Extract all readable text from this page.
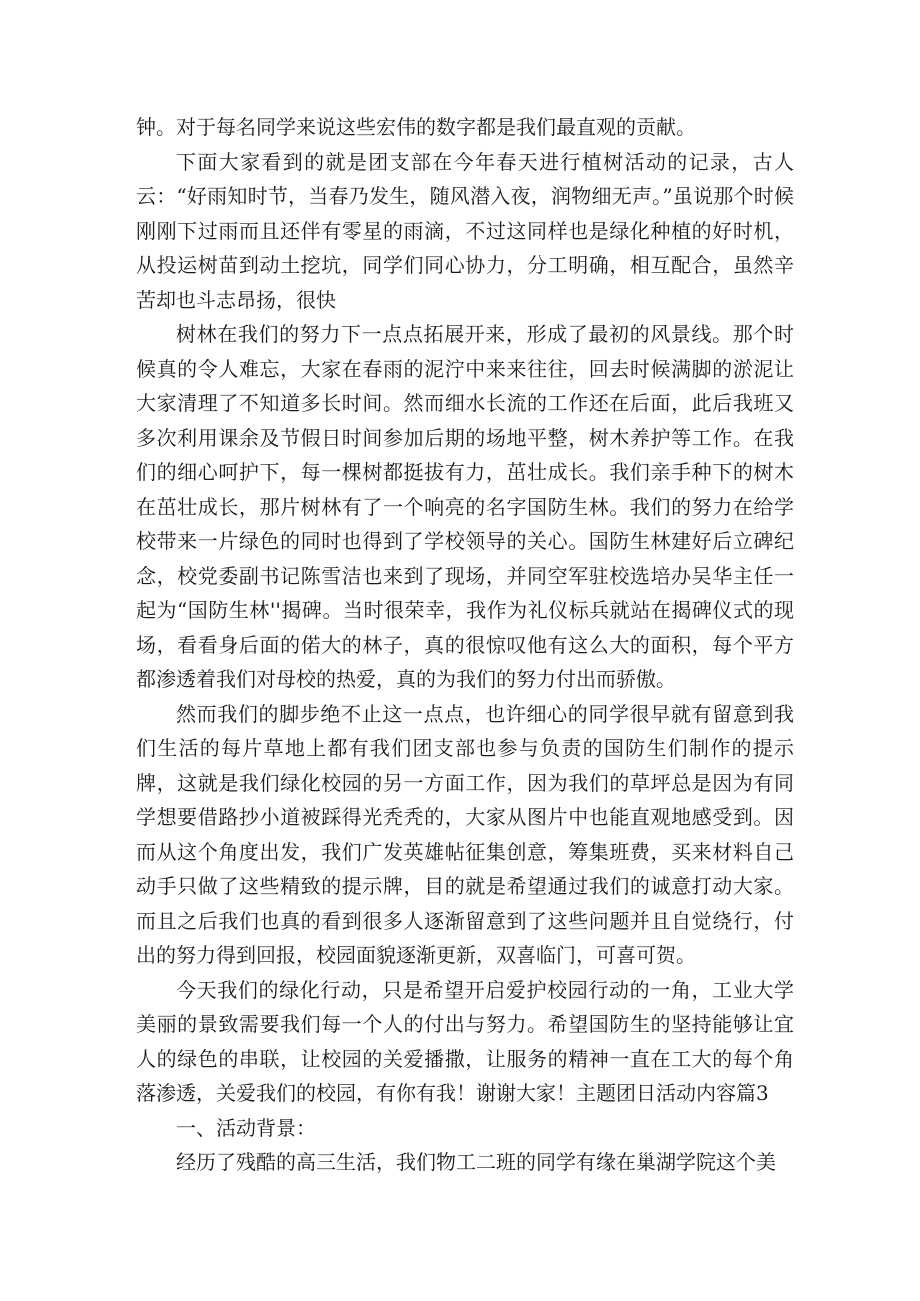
钟。对于每名同学来说这些宏伟的数字都是我们最直观的贡献。

下面大家看到的就是团支部在今年春天进行植树活动的记录，古人云：“好雨知时节，当春乃发生，随风潜入夜，润物细无声。”虽说那个时候刚刚下过雨而且还伴有零星的雨滴，不过这同样也是绿化种植的好时机，从投运树苗到动土挖坑，同学们同心协力，分工明确，相互配合，虽然辛苦却也斗志昂扬，很快

树林在我们的努力下一点点拓展开来，形成了最初的风景线。那个时候真的令人难忘，大家在春雨的泥泞中来来往往，回去时候满脚的淤泥让大家清理了不知道多长时间。然而细水长流的工作还在后面，此后我班又多次利用课余及节假日时间参加后期的场地平整，树木养护等工作。在我们的细心呵护下，每一棵树都挺拔有力，茁壮成长。我们亲手种下的树木在茁壮成长，那片树林有了一个响亮的名字国防生林。我们的努力在给学校带来一片绿色的同时也得到了学校领导的关心。国防生林建好后立碑纪念，校党委副书记陈雪洁也来到了现场，并同空军驻校选培办吴华主任一起为“国防生林''揭碑。当时很荣幸，我作为礼仪标兵就站在揭碑仪式的现场，看看身后面的偌大的林子，真的很惊叹他有这么大的面积，每个平方都渗透着我们对母校的热爱，真的为我们的努力付出而骄傲。

然而我们的脚步绝不止这一点点，也许细心的同学很早就有留意到我们生活的每片草地上都有我们团支部也参与负责的国防生们制作的提示牌，这就是我们绿化校园的另一方面工作，因为我们的草坪总是因为有同学想要借路抄小道被踩得光秃秃的，大家从图片中也能直观地感受到。因而从这个角度出发，我们广发英雄帖征集创意，筹集班费，买来材料自己动手只做了这些精致的提示牌，目的就是希望通过我们的诚意打动大家。而且之后我们也真的看到很多人逐渐留意到了这些问题并且自觉绕行，付出的努力得到回报，校园面貌逐渐更新，双喜临门，可喜可贺。

今天我们的绿化行动，只是希望开启爱护校园行动的一角，工业大学美丽的景致需要我们每一个人的付出与努力。希望国防生的坚持能够让宜人的绿色的串联，让校园的关爱播撒，让服务的精神一直在工大的每个角落渗透，关爱我们的校园，有你有我！谢谢大家！主题团日活动内容篇3

一、活动背景：

经历了残酷的高三生活，我们物工二班的同学有缘在巢湖学院这个美
